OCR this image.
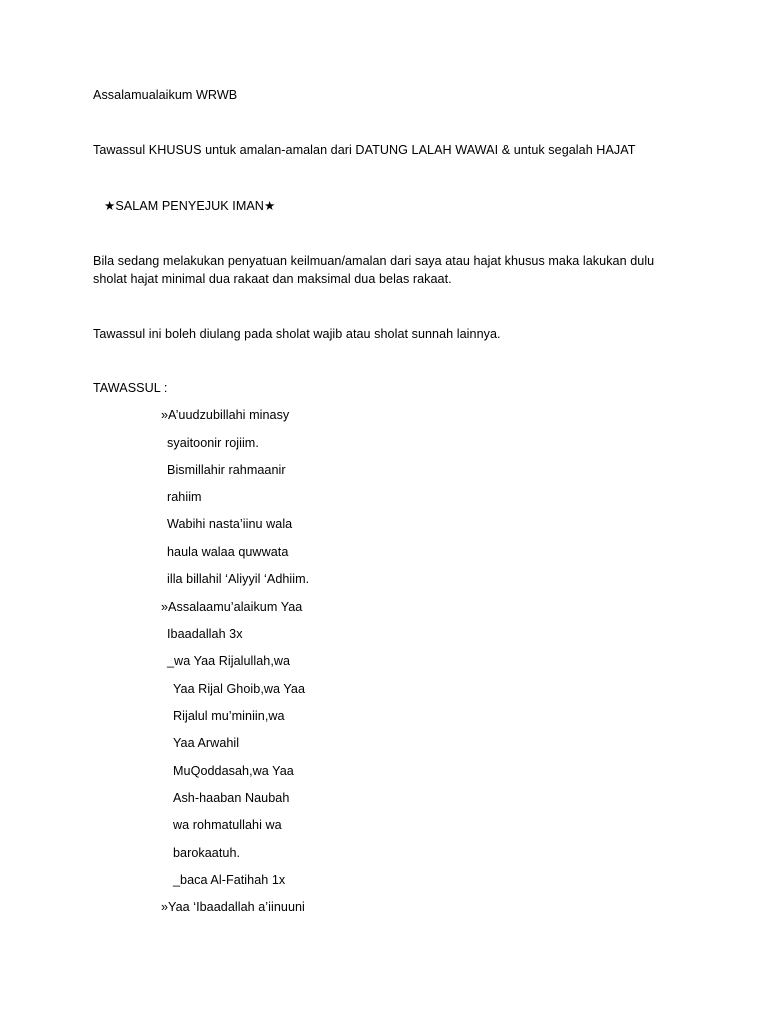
Assalamualaikum WRWB
Tawassul KHUSUS untuk amalan-amalan dari DATUNG LALAH WAWAI & untuk segalah HAJAT
★SALAM PENYEJUK IMAN★
Bila sedang melakukan penyatuan keilmuan/amalan dari saya atau hajat khusus maka lakukan dulu
sholat hajat minimal dua rakaat dan maksimal dua belas rakaat.
Tawassul ini boleh diulang pada sholat wajib atau sholat sunnah lainnya.
TAWASSUL :
»A’uudzubillahi minasy
syaitoonir rojiim.
Bismillahir rahmaanir
rahiim
Wabihi nasta’iinu wala
haula walaa quwwata
illa billahil ‘Aliyyil ‘Adhiim.
»Assalaamu’alaikum Yaa
Ibaadallah 3x
_wa Yaa Rijalullah,wa
Yaa Rijal Ghoib,wa Yaa
Rijalul mu’miniin,wa
Yaa Arwahil
MuQoddasah,wa Yaa
Ash-haaban Naubah
wa rohmatullahi wa
barokaatuh.
_baca Al-Fatihah 1x
»Yaa ‘Ibaadallah a’iinuuni
